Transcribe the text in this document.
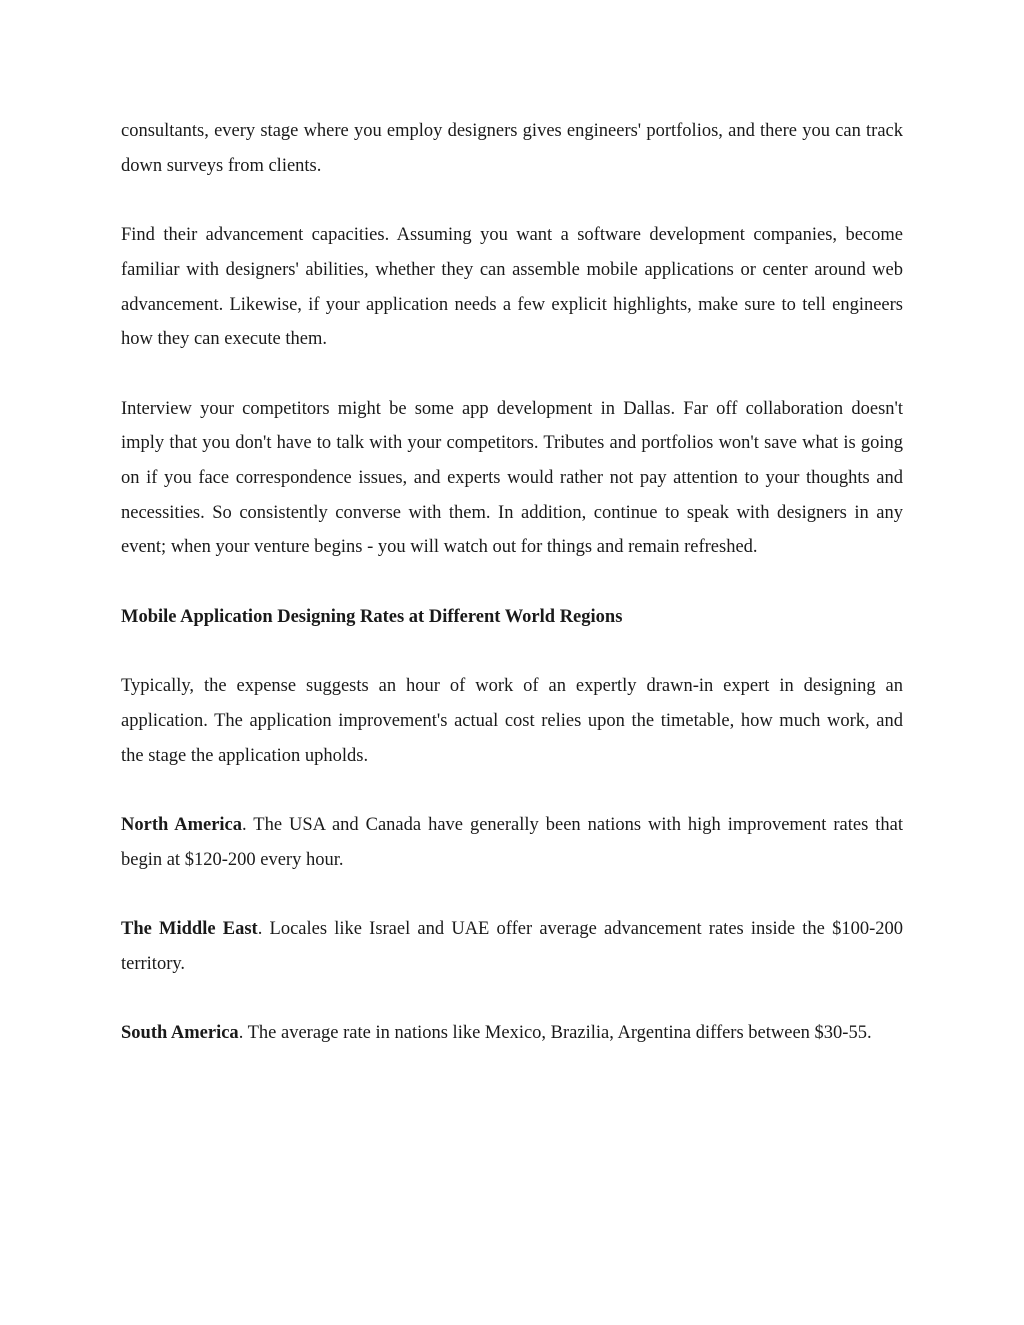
consultants, every stage where you employ designers gives engineers' portfolios, and there you can track down surveys from clients.

Find their advancement capacities. Assuming you want a software development companies, become familiar with designers' abilities, whether they can assemble mobile applications or center around web advancement. Likewise, if your application needs a few explicit highlights, make sure to tell engineers how they can execute them.

Interview your competitors might be some app development in Dallas. Far off collaboration doesn't imply that you don't have to talk with your competitors. Tributes and portfolios won't save what is going on if you face correspondence issues, and experts would rather not pay attention to your thoughts and necessities. So consistently converse with them. In addition, continue to speak with designers in any event; when your venture begins - you will watch out for things and remain refreshed.

Mobile Application Designing Rates at Different World Regions

Typically, the expense suggests an hour of work of an expertly drawn-in expert in designing an application. The application improvement's actual cost relies upon the timetable, how much work, and the stage the application upholds.

North America. The USA and Canada have generally been nations with high improvement rates that begin at $120-200 every hour.

The Middle East. Locales like Israel and UAE offer average advancement rates inside the $100-200 territory.

South America. The average rate in nations like Mexico, Brazilia, Argentina differs between $30-55.
